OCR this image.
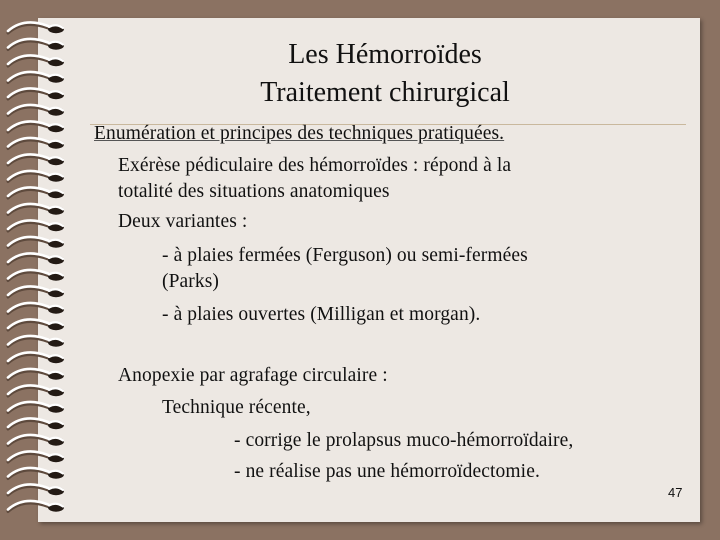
Les Hémorroïdes
Traitement chirurgical
Enumération et principes des techniques pratiquées.
Exérèse pédiculaire des hémorroïdes : répond à la
totalité des situations anatomiques
Deux variantes :
- à plaies fermées (Ferguson) ou semi-fermées
(Parks)
- à plaies ouvertes (Milligan et morgan).
Anopexie par agrafage circulaire :
Technique récente,
- corrige le prolapsus muco-hémorroïdaire,
- ne réalise pas une hémorroïdectomie.
47
